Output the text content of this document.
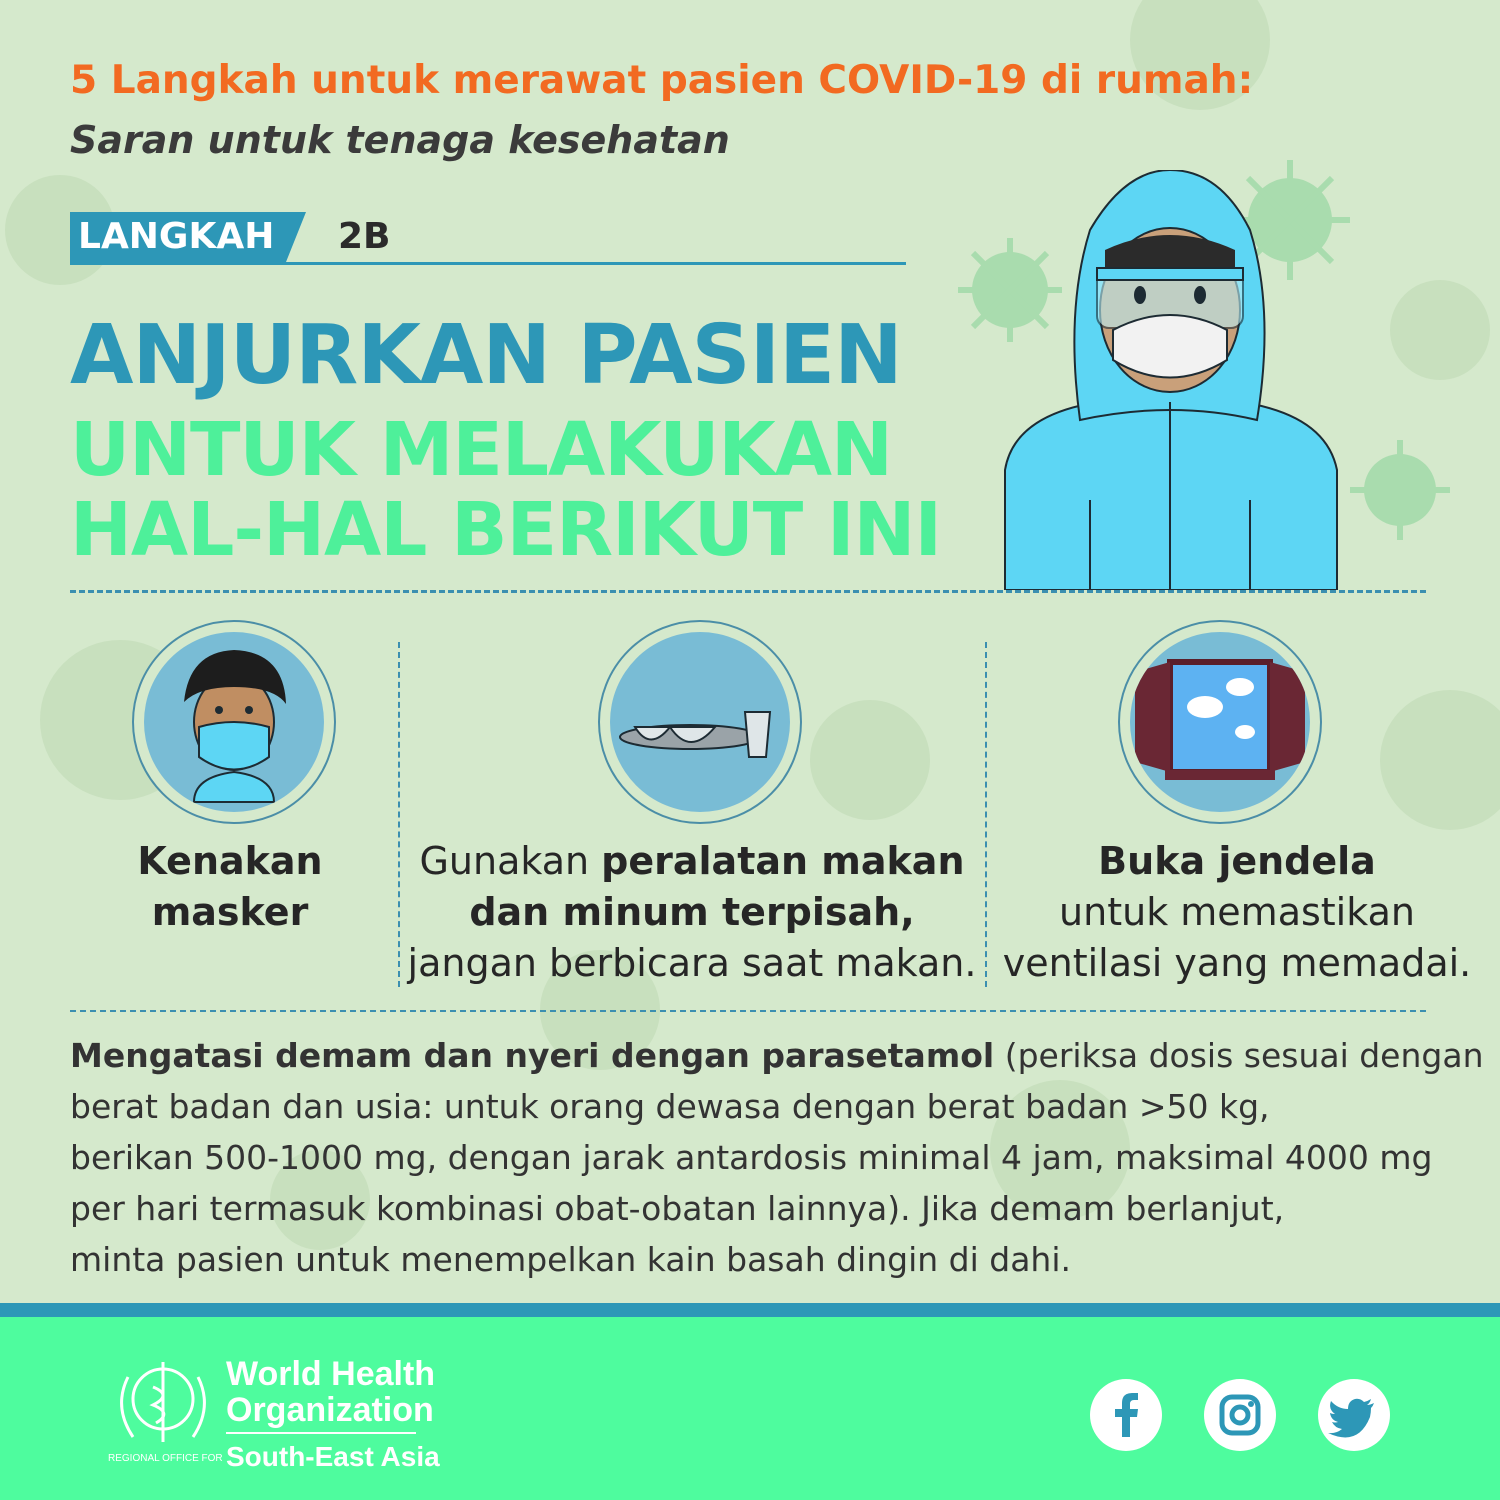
5 Langkah untuk merawat pasien COVID-19 di rumah:
Saran untuk tenaga kesehatan
LANGKAH	2B
ANJURKAN PASIEN
UNTUK MELAKUKAN
HAL-HAL BERIKUT INI
Kenakan
masker
Gunakan peralatan makan
dan minum terpisah,
jangan berbicara saat makan.
Buka jendela
untuk memastikan
ventilasi yang memadai.
Mengatasi demam dan nyeri dengan parasetamol (periksa dosis sesuai dengan
berat badan dan usia: untuk orang dewasa dengan berat badan >50 kg,
berikan 500-1000 mg, dengan jarak antardosis minimal 4 jam, maksimal 4000 mg
per hari termasuk kombinasi obat-obatan lainnya). Jika demam berlanjut,
minta pasien untuk menempelkan kain basah dingin di dahi.
World Health
Organization
REGIONAL OFFICE FOR South-East Asia
